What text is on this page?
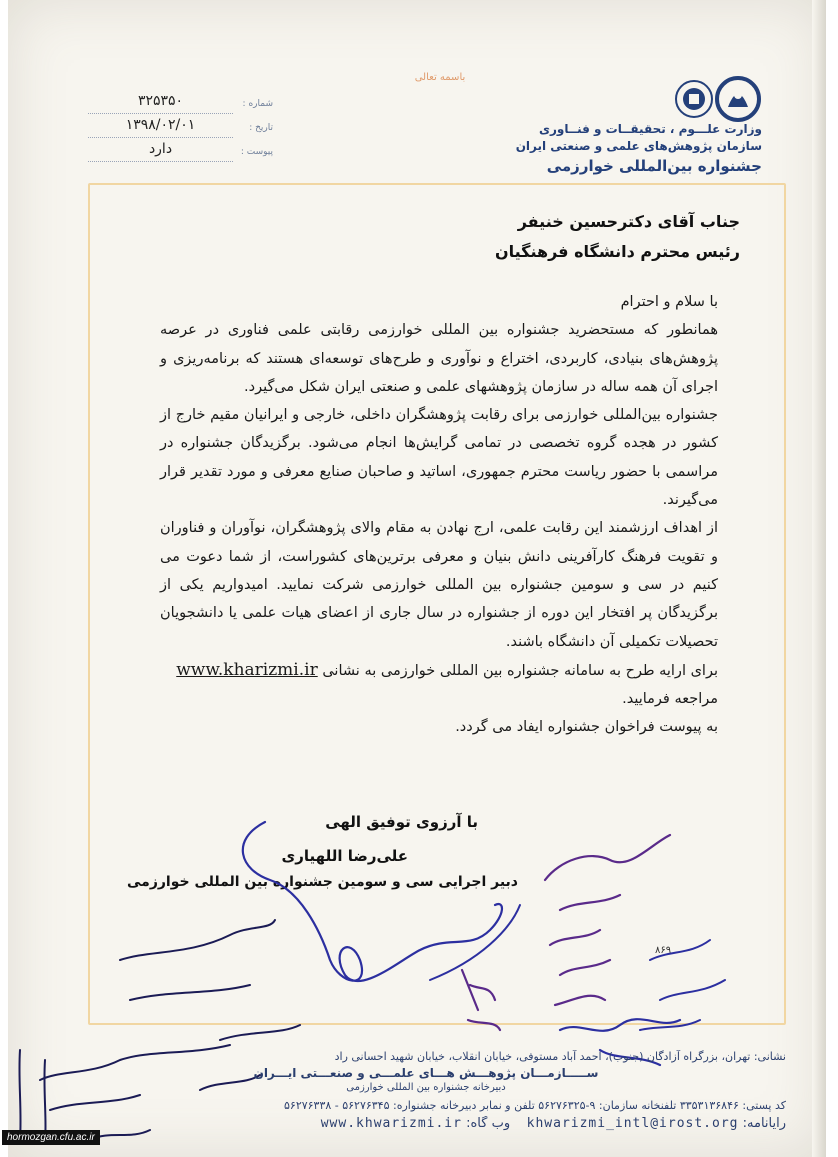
باسمه تعالی
وزارت علـــوم ، تحقیقــات و فنــاوری
سازمان پژوهش‌های علمی و صنعتی ایران
جشنواره بین‌المللی خوارزمی
شماره :
۳۲۵۳۵۰
تاریخ :
۱۳۹۸/۰۲/۰۱
پیوست :
دارد
جناب آقای دکترحسین خنیفر
رئیس محترم دانشگاه فرهنگیان

با سلام و احترام

همانطور که مستحضرید جشنواره بین المللی خوارزمی رقابتی علمی فناوری در عرصه پژوهش‌های بنیادی، کاربردی، اختراع و نوآوری و طرح‌های توسعه‌ای هستند که برنامه‌ریزی و اجرای آن همه ساله در سازمان پژوهشهای علمی و صنعتی ایران شکل می‌گیرد.

جشنواره بین‌المللی خوارزمی برای رقابت پژوهشگران داخلی، خارجی و ایرانیان مقیم خارج از کشور در هجده گروه تخصصی در تمامی گرایش‌ها انجام می‌شود. برگزیدگان جشنواره در مراسمی با حضور ریاست محترم جمهوری، اساتید و صاحبان صنایع معرفی و مورد تقدیر قرار می‌گیرند.

از اهداف ارزشمند این رقابت علمی، ارج نهادن به مقام والای پژوهشگران، نوآوران و فناوران و تقویت فرهنگ کارآفرینی دانش بنیان و معرفی برترین‌های کشوراست، از شما دعوت می کنیم در سی و سومین جشنواره بین المللی خوارزمی شرکت نمایید. امیدواریم یکی از برگزیدگان پر افتخار این دوره از جشنواره در سال جاری از اعضای هیات علمی یا دانشجویان تحصیلات تکمیلی آن دانشگاه باشند.

برای ارایه طرح به سامانه جشنواره بین المللی خوارزمی به نشانی www.kharizmi.ir

مراجعه فرمایید.

به پیوست فراخوان جشنواره ایفاد می گردد.

با آرزوی توفیق الهی
علی‌رضا اللهیاری
دبیر اجرایی سی و سومین جشنواره بین المللی خوارزمی
۸۶۹
نشانی: تهران، بزرگراه آزادگان (جنوب)، احمد آباد مستوفی، خیابان انقلاب، خیابان شهید احسانی راد
ســـــازمـــان پژوهـــش هـــای علمـــی و صنعـــتی ایـــران
دبیرخانه جشنواره بین المللی خوارزمی
کد پستی: ۳۳۵۳۱۳۶۸۴۶ تلفنخانه سازمان: ۹-۵۶۲۷۶۳۲۵ تلفن و نمابر دبیرخانه جشنواره: ۵۶۲۷۶۳۴۵ - ۵۶۲۷۶۳۳۸
رایانامه: khwarizmi_intl@irost.org    وب گاه: www.khwarizmi.ir
hormozgan.cfu.ac.ir
